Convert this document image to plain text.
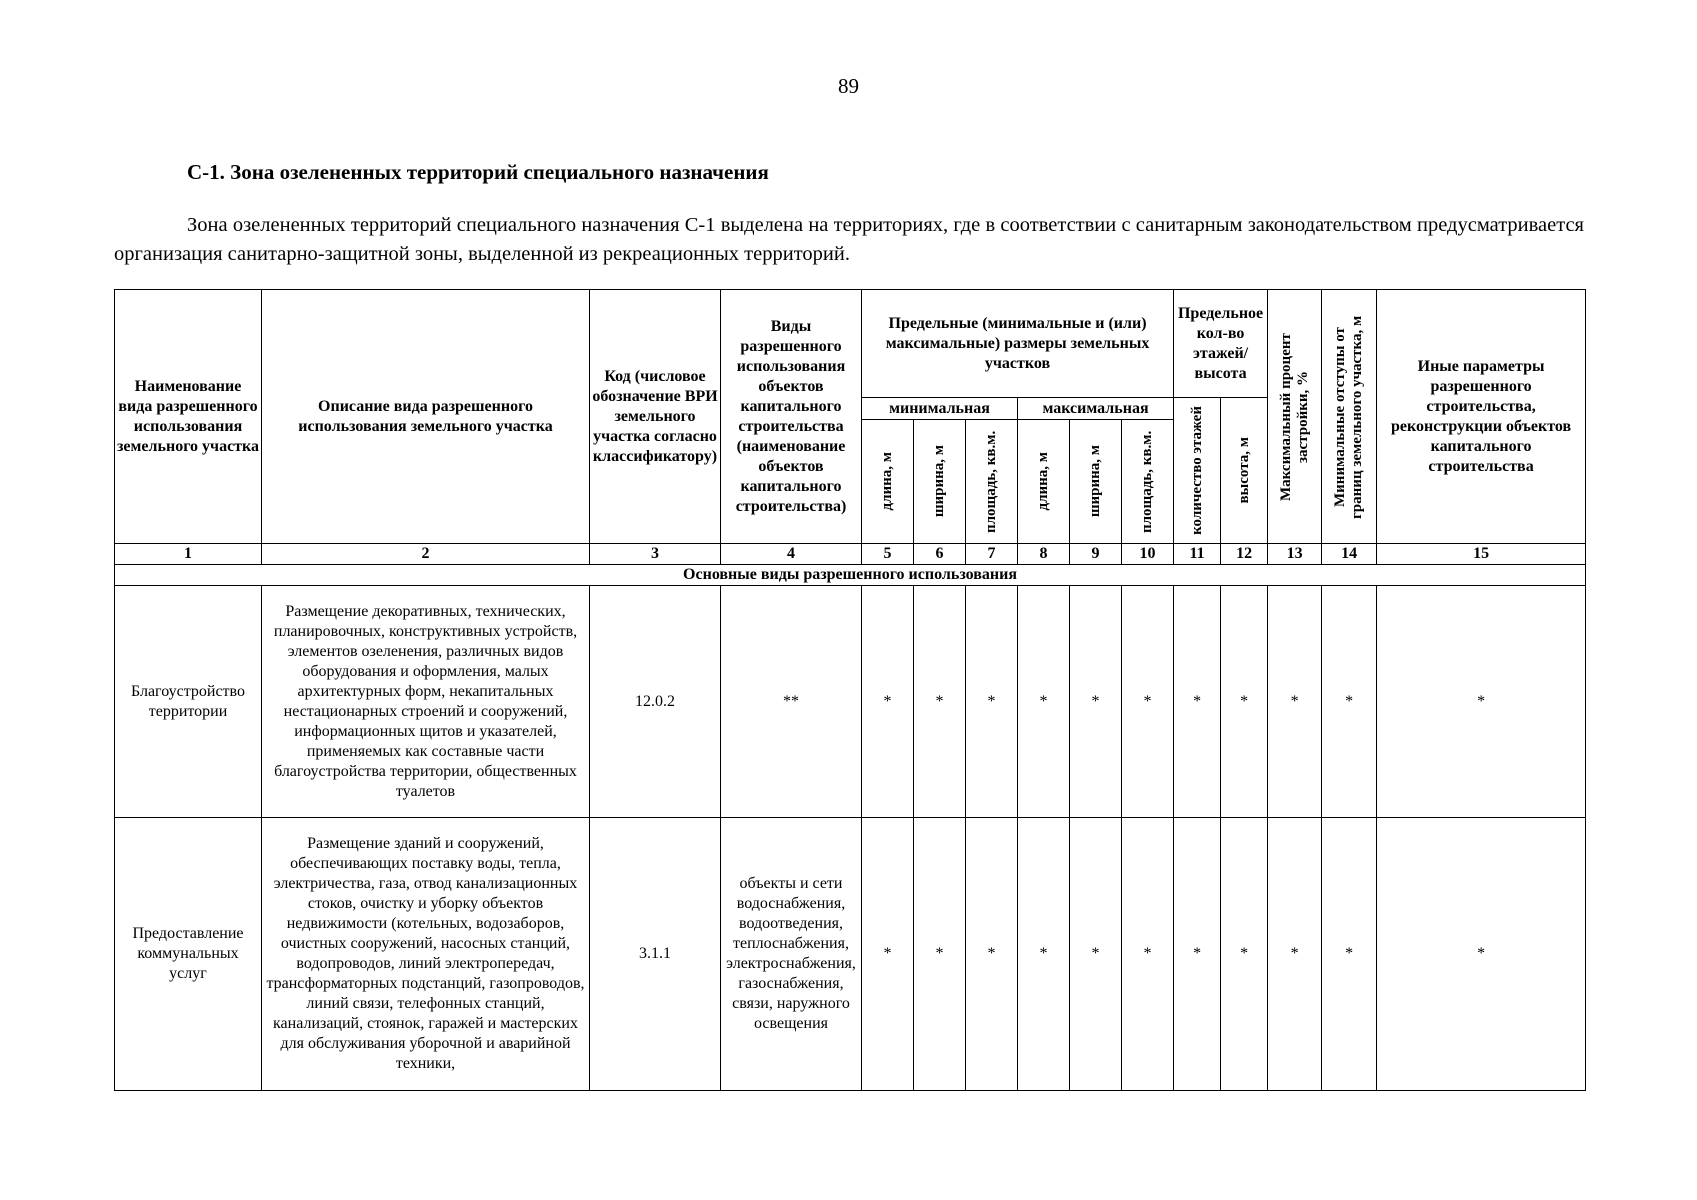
89
С-1. Зона озелененных территорий специального назначения
Зона озелененных территорий специального назначения С-1 выделена на территориях, где в соответствии с санитарным законодательством предусматривается организация санитарно-защитной зоны, выделенной из рекреационных территорий.
Наименование вида разрешенного использования земельного участка	Описание вида разрешенного использования земельного участка	Код (числовое обозначение ВРИ земельного участка согласно классификатору)	Виды разрешенного использования объектов капитального строительства (наименование объектов капитального строительства)	Предельные (минимальные и (или) максимальные) размеры земельных участков						Предельное кол-во этажей/ высота		Максимальный процент застройки, %	Минимальные отступы от границ земельного участка, м	Иные параметры разрешенного строительства, реконструкции объектов капитального строительства
				минимальная			максимальная			количество этажей	высота, м			

				длина, м	ширина, м	площадь, кв.м.	длина, м	ширина, м	площадь, кв.м.					

1	2	3	4	5	6	7	8	9	10	11	12	13	14	15
Основные виды разрешенного использования														
Благоустройство территории	Размещение декоративных, технических, планировочных, конструктивных устройств, элементов озеленения, различных видов оборудования и оформления, малых архитектурных форм, некапитальных нестационарных строений и сооружений, информационных щитов и указателей, применяемых как составные части благоустройства территории, общественных туалетов	12.0.2	**	*	*	*	*	*	*	*	*	*	*	*
Предоставление коммунальных услуг	Размещение зданий и сооружений, обеспечивающих поставку воды, тепла, электричества, газа, отвод канализационных стоков, очистку и уборку объектов недвижимости (котельных, водозаборов, очистных сооружений, насосных станций, водопроводов, линий электропередач, трансформаторных подстанций, газопроводов, линий связи, телефонных станций, канализаций, стоянок, гаражей и мастерских для обслуживания уборочной и аварийной техники,	3.1.1	объекты и сети водоснабжения, водоотведения, теплоснабжения, электроснабжения, газоснабжения, связи, наружного освещения	*	*	*	*	*	*	*	*	*	*	*
